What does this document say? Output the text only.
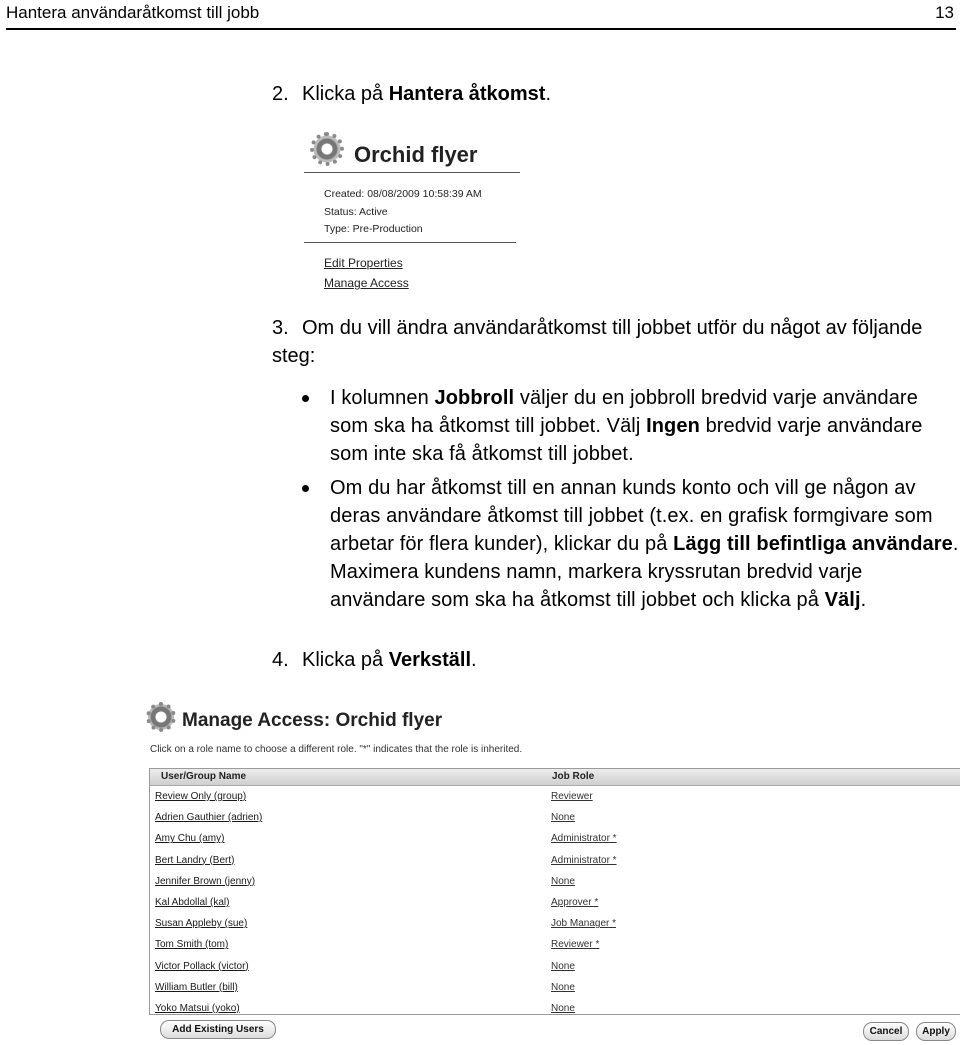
Hantera användaråtkomst till jobb	13
2. Klicka på Hantera åtkomst.
Orchid flyer
Created: 08/08/2009 10:58:39 AM
Status: Active
Type: Pre-Production
Edit Properties
Manage Access
3. Om du vill ändra användaråtkomst till jobbet utför du något av följande steg:
I kolumnen Jobbroll väljer du en jobbroll bredvid varje användare som ska ha åtkomst till jobbet. Välj Ingen bredvid varje användare som inte ska få åtkomst till jobbet.
Om du har åtkomst till en annan kunds konto och vill ge någon av deras användare åtkomst till jobbet (t.ex. en grafisk formgivare som arbetar för flera kunder), klickar du på Lägg till befintliga användare. Maximera kundens namn, markera kryssrutan bredvid varje användare som ska ha åtkomst till jobbet och klicka på Välj.
4. Klicka på Verkställ.
Manage Access: Orchid flyer
Click on a role name to choose a different role. "*" indicates that the role is inherited.
User/Group Name	Job Role
Review Only (group)	Reviewer
Adrien Gauthier (adrien)	None
Amy Chu (amy)	Administrator *
Bert Landry (Bert)	Administrator *
Jennifer Brown (jenny)	None
Kal Abdollal (kal)	Approver *
Susan Appleby (sue)	Job Manager *
Tom Smith (tom)	Reviewer *
Victor Pollack (victor)	None
William Butler (bill)	None
Yoko Matsui (yoko)	None
Add Existing Users	Cancel	Apply
